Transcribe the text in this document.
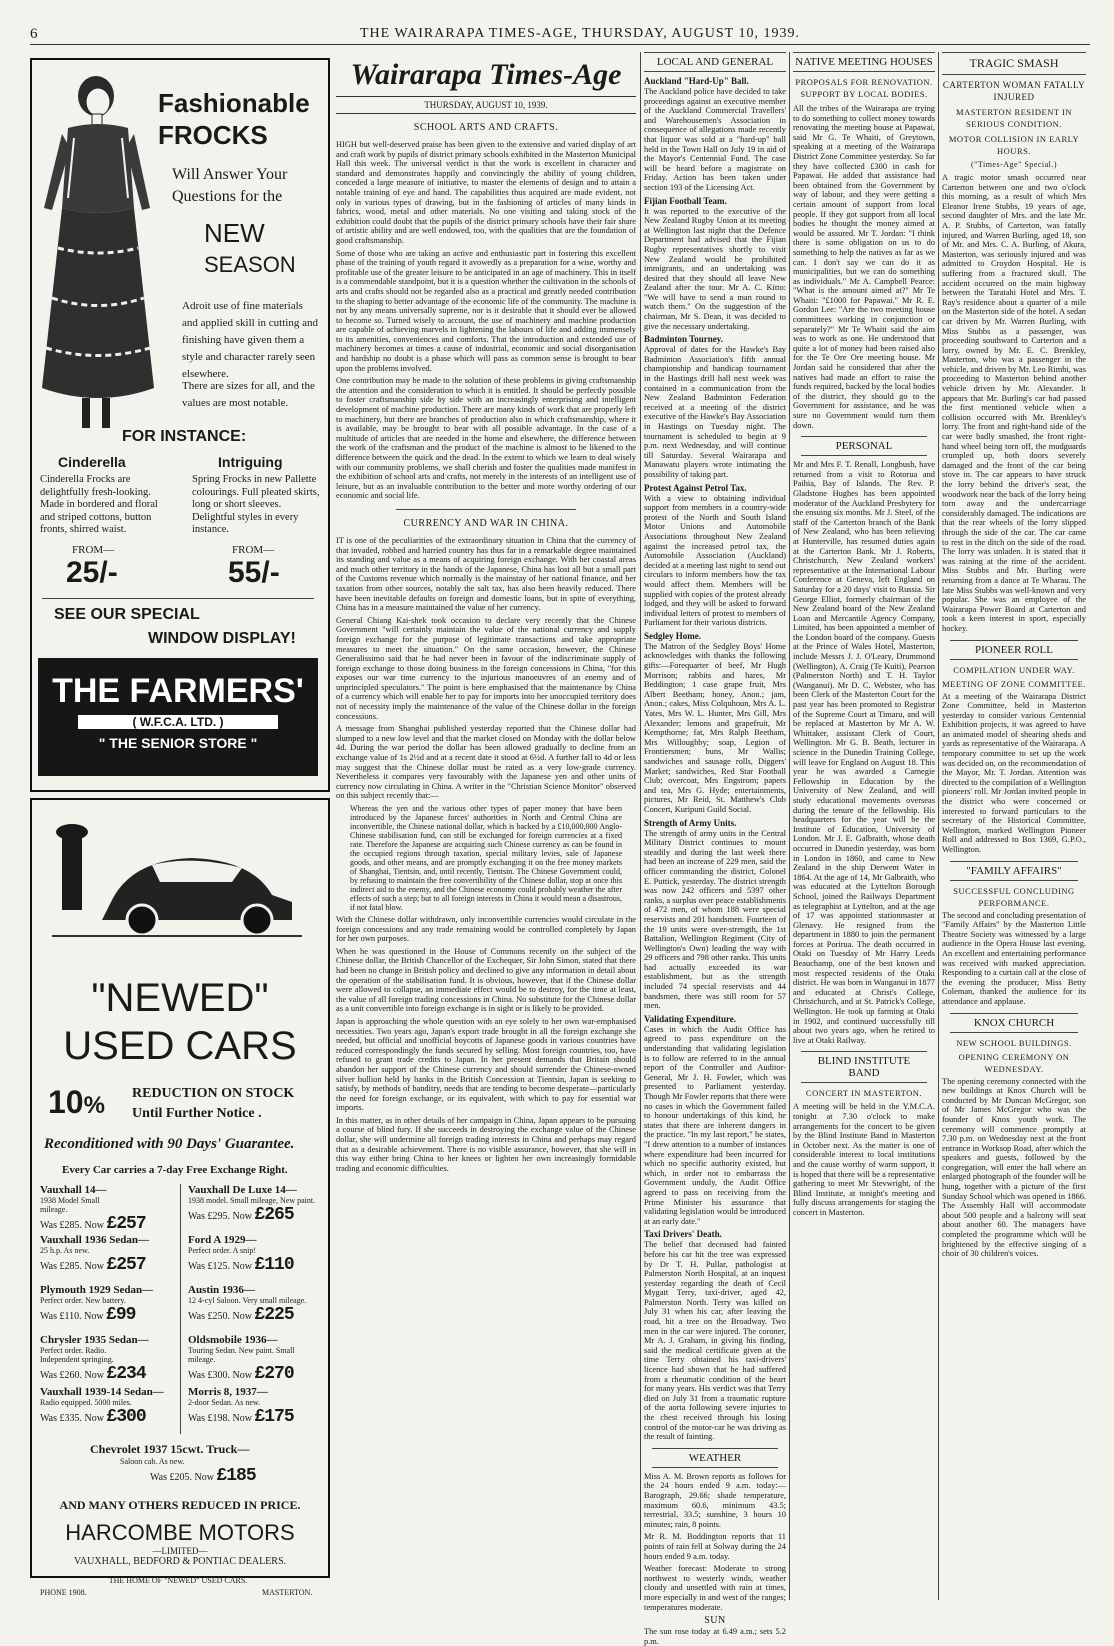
6	THE WAIRARAPA TIMES-AGE, THURSDAY, AUGUST 10, 1939.
Fashionable
FROCKS
Will Answer Your
Questions for the
NEW
SEASON
Adroit use of fine materials and applied skill in cutting and finishing have given them a style and character rarely seen elsewhere.
There are sizes for all, and the values are most notable.
FOR INSTANCE:
Cinderella
Cinderella Frocks are delightfully fresh-looking. Made in bordered and floral and striped cottons, button fronts, shirred waist.
FROM—
25/-
Intriguing
Spring Frocks in new Pallette colourings. Full pleated skirts, long or short sleeves. Delightful styles in every instance.
FROM—
55/-
SEE OUR SPECIAL
WINDOW DISPLAY!
THE FARMERS'
( W.F.C.A. LTD. )
" THE SENIOR STORE "
"NEWED"
USED CARS
10% REDUCTION ON STOCK
Until Further Notice .
Reconditioned with 90 Days' Guarantee.
Every Car carries a 7-day Free Exchange Right.
Vauxhall 14—
1938 Model Small mileage.
Was £285. Now £257
Vauxhall 1936 Sedan—
25 h.p. As new.
Was £285. Now £257
Plymouth 1929 Sedan—
Perfect order. New battery.
Was £110. Now £99
Chrysler 1935 Sedan—
Perfect order. Radio. Independent springing.
Was £260. Now £234
Vauxhall 1939-14 Sedan—
Radio equipped. 5000 miles.
Was £335. Now £300
Vauxhall De Luxe 14—
1938 model. Small mileage, New paint.
Was £295. Now £265
Ford A 1929—
Perfect order. A snip!
Was £125. Now £110
Austin 1936—
12 4-cyl Saloon. Very small mileage.
Was £250. Now £225
Oldsmobile 1936—
Touring Sedan. New paint. Small mileage.
Was £300. Now £270
Morris 8, 1937—
2-door Sedan. As new.
Was £198. Now £175
Chevrolet 1937 15cwt. Truck—
Saloon cab. As new.
Was £205. Now £185
AND MANY OTHERS REDUCED IN PRICE.
HARCOMBE MOTORS
—LIMITED—
VAUXHALL, BEDFORD & PONTIAC DEALERS.
THE HOME OF "NEWED" USED CARS.
PHONE 1908.	MASTERTON.
Wairarapa Times-Age
THURSDAY, AUGUST 10, 1939.
SCHOOL ARTS AND CRAFTS.

HIGH but well-deserved praise has been given to the extensive and varied display of art and craft work by pupils of district primary schools exhibited in the Masterton Municipal Hall this week. The universal verdict is that the work is excellent in character and standard and demonstrates happily and convincingly the ability of young children, conceded a large measure of initiative, to master the elements of design and to attain a notable training of eye and hand. The capabilities thus acquired are made evident, not only in various types of drawing, but in the fashioning of articles of many kinds in fabrics, wood, metal and other materials. No one visiting and taking stock of the exhibition could doubt that the pupils of the district primary schools have their fair share of artistic ability and are well endowed, too, with the qualities that are the foundation of good craftsmanship.

Some of those who are taking an active and enthusiastic part in fostering this excellent phase of the training of youth regard it avowedly as a preparation for a wise, worthy and profitable use of the greater leisure to be anticipated in an age of machinery. This in itself is a commendable standpoint, but it is a question whether the cultivation in the schools of arts and crafts should not be regarded also as a practical and greatly needed contribution to the shaping to better advantage of the economic life of the community. The machine is not by any means universally supreme, nor is it desirable that it should ever be allowed to become so. Turned wisely to account, the use of machinery and machine production are capable of achieving marvels in lightening the labours of life and adding immensely to its amenities, conveniences and comforts. That the introduction and extended use of machinery becomes at times a cause of industrial, economic and social disorganisation and hardship no doubt is a phase which will pass as common sense is brought to bear upon the problems involved.

One contribution may be made to the solution of these problems in giving craftsmanship the attention and the consideration to which it is entitled. It should be perfectly possible to foster craftsmanship side by side with an increasingly enterprising and intelligent development of machine production. There are many kinds of work that are properly left to machinery, but there are branches of production also in which craftsmanship, where it is available, may be brought to bear with all possible advantage. In the case of a multitude of articles that are needed in the home and elsewhere, the difference between the work of the craftsman and the product of the machine is almost to be likened to the difference between the quick and the dead. In the extent to which we learn to deal wisely with our community problems, we shall cherish and foster the qualities made manifest in the exhibition of school arts and crafts, not merely in the interests of an intelligent use of leisure, but as an invaluable contribution to the better and more worthy ordering of our economic and social life.

CURRENCY AND WAR IN CHINA.

IT is one of the peculiarities of the extraordinary situation in China that the currency of that invaded, robbed and harried country has thus far in a remarkable degree maintained its standing and value as a means of acquiring foreign exchange. With her coastal areas and much other territory in the hands of the Japanese, China has lost all but a small part of the Customs revenue which normally is the mainstay of her national finance, and her taxation from other sources, notably the salt tax, has also been heavily reduced. There have been inevitable defaults on foreign and domestic loans, but in spite of everything, China has in a measure maintained the value of her currency.

General Chiang Kai-shek took occasion to declare very recently that the Chinese Government "will certainly maintain the value of the national currency and supply foreign exchange for the purpose of legitimate transactions and take appropriate measures to meet the situation." On the same occasion, however, the Chinese Generalissimo said that he had never been in favour of the indiscriminate supply of foreign exchange to those doing business in the foreign concessions in China, "for this exposes our war time currency to the injurious manoeuvres of an enemy and of unprincipled speculators." The point is here emphasised that the maintenance by China of a currency which will enable her to pay for imports into her unoccupied territory does not of necessity imply the maintenance of the value of the Chinese dollar in the foreign concessions.

A message from Shanghai published yesterday reported that the Chinese dollar had slumped to a new low level and that the market closed on Monday with the dollar below 4d. During the war period the dollar has been allowed gradually to decline from an exchange value of 1s 2½d and at a recent date it stood at 6½d. A further fall to 4d or less may suggest that the Chinese dollar must be rated as a very low-grade currency. Nevertheless it compares very favourably with the Japanese yen and other units of currency now circulating in China. A writer in the "Christian Science Monitor" observed on this subject recently that:—

Whereas the yen and the various other types of paper money that have been introduced by the Japanese forces' authorities in North and Central China are inconvertible, the Chinese national dollar, which is backed by a £10,000,000 Anglo-Chinese stabilisation fund, can still be exchanged for foreign currencies at a fixed rate. Therefore the Japanese are acquiring such Chinese currency as can be found in the occupied regions through taxation, special military levies, sale of Japanese goods, and other means, and are promptly exchanging it on the free money markets of Shanghai, Tientsin, and, until recently, Tientsin. The Chinese Government could, by refusing to maintain the free convertibility of the Chinese dollar, stop at once this indirect aid to the enemy, and the Chinese economy could probably weather the after effects of such a step; but to all foreign interests in China it would mean a disastrous, if not fatal blow.

With the Chinese dollar withdrawn, only inconvertible currencies would circulate in the foreign concessions and any trade remaining would be controlled completely by Japan for her own purposes.

When he was questioned in the House of Commons recently on the subject of the Chinese dollar, the British Chancellor of the Exchequer, Sir John Simon, stated that there had been no change in British policy and declined to give any information in detail about the operation of the stabilisation fund. It is obvious, however, that if the Chinese dollar were allowed to collapse, an immediate effect would be to destroy, for the time at least, the value of all foreign trading concessions in China. No substitute for the Chinese dollar as a unit convertible into foreign exchange is in sight or is likely to be provided.

Japan is approaching the whole question with an eye solely to her own war-emphasised necessities. Two years ago, Japan's export trade brought in all the foreign exchange she needed, but official and unofficial boycotts of Japanese goods in various countries have reduced correspondingly the funds secured by selling. Most foreign countries, too, have refused to grant trade credits to Japan. In her present demands that Britain should abandon her support of the Chinese currency and should surrender the Chinese-owned silver bullion held by banks in the British Concession at Tientsin, Japan is seeking to satisfy, by methods of banditry, needs that are tending to become desperate—particularly the need for foreign exchange, or its equivalent, with which to pay for essential war imports.

In this matter, as in other details of her campaign in China, Japan appears to be pursuing a course of blind fury. If she succeeds in destroying the exchange value of the Chinese dollar, she will undermine all foreign trading interests in China and perhaps may regard that as a desirable achievement. There is no visible assurance, however, that she will in this way either bring China to her knees or lighten her own increasingly formidable trading and economic difficulties.

LOCAL AND GENERAL
Auckland "Hard-Up" Ball.

The Auckland police have decided to take proceedings against an executive member of the Auckland Commercial Travellers' and Warehousemen's Association in consequence of allegations made recently that liquor was sold at a "hard-up" ball held in the Town Hall on July 19 in aid of the Mayor's Centennial Fund. The case will be heard before a magistrate on Friday. Action has been taken under section 193 of the Licensing Act.

Fijian Football Team.

It was reported to the executive of the New Zealand Rugby Union at its meeting at Wellington last night that the Defence Department had advised that the Fijian Rugby representatives shortly to visit New Zealand would be prohibited immigrants, and an undertaking was desired that they should all leave New Zealand after the tour. Mr A. C. Kitto: "We will have to send a man round to watch them." On the suggestion of the chairman, Mr S. Dean, it was decided to give the necessary undertaking.

Badminton Tourney.

Approval of dates for the Hawke's Bay Badminton Association's fifth annual championship and handicap tournament in the Hastings drill hall next week was contained in a communication from the New Zealand Badminton Federation received at a meeting of the district executive of the Hawke's Bay Association in Hastings on Tuesday night. The tournament is scheduled to begin at 9 p.m. next Wednesday, and will continue till Saturday. Several Wairarapa and Manawatu players wrote intimating the possibility of taking part.

Protest Against Petrol Tax.

With a view to obtaining individual support from members in a country-wide protest of the North and South Island Motor Unions and Automobile Associations throughout New Zealand against the increased petrol tax, the Automobile Association (Auckland) decided at a meeting last night to send out circulars to inform members how the tax would affect them. Members will be supplied with copies of the protest already lodged, and they will be asked to forward individual letters of protest to members of Parliament for their various districts.

Sedgley Home.

The Matron of the Sedgley Boys' Home acknowledges with thanks the following gifts:—Forequarter of beef, Mr Hugh Morrison; rabbits and hares, Mr Beddington; 1 case grape fruit, Mrs Albert Beetham; honey, Anon.; jam, Anon.; cakes, Miss Colquhoun, Mrs A. L. Yates, Mrs W. L. Hunter, Mrs Gill, Mrs Alexander; lemons and grapefruit, Mr Kempthorne; fat, Mrs Ralph Beetham, Mrs Willoughby; soap, Legion of Frontiersmen; buns, Mr Wallis; sandwiches and sausage rolls, Diggers' Market; sandwiches, Red Star Football Club; overcoat, Mrs Engstrom; papers and tea, Mrs G. Hyde; entertainments, pictures, Mr Reid, St. Matthew's Club Concert, Kuripuni Guild Social.

Strength of Army Units.

The strength of army units in the Central Military District continues to mount steadily and during the last week there had been an increase of 229 men, said the officer commanding the district, Colonel E. Puttick, yesterday. The district strength was now 242 officers and 5397 other ranks, a surplus over peace establishments of 472 men, of whom 188 were special reservists and 201 bandsmen. Fourteen of the 19 units were over-strength, the 1st Battalion, Wellington Regiment (City of Wellington's Own) leading the way with 29 officers and 798 other ranks. This units had actually exceeded its war establishment, but as the strength included 74 special reservists and 44 bandsmen, there was still room for 57 men.

Validating Expenditure.

Cases in which the Audit Office has agreed to pass expenditure on the understanding that validating legislation is to follow are referred to in the annual report of the Controller and Auditor-General, Mr J. H. Fowler, which was presented to Parliament yesterday. Though Mr Fowler reports that there were no cases in which the Government failed to honour undertakings of this kind, he states that there are inherent dangers in the practice. "In my last report," he states, "I drew attention to a number of instances where expenditure had been incurred for which no specific authority existed, but which, in order not to embarrass the Government unduly, the Audit Office agreed to pass on receiving from the Prime Minister his assurance that validating legislation would be introduced at an early date."

Taxi Drivers' Death.

The belief that deceased had fainted before his car hit the tree was expressed by Dr T. H. Pullar, pathologist at Palmerston North Hospital, at an inquest yesterday regarding the death of Cecil Mygatt Terry, taxi-driver, aged 42, Palmerston North. Terry was killed on July 31 when his car, after leaving the road, hit a tree on the Broadway. Two men in the car were injured. The coroner, Mr A. J. Graham, in giving his finding, said the medical certificate given at the time Terry obtained his taxi-drivers' licence had shown that he had suffered from a rheumatic condition of the heart for many years. His verdict was that Terry died on July 31 from a traumatic rupture of the aorta following severe injuries to the chest received through his losing control of the motor-car he was driving as the result of fainting.

WEATHER

Miss A. M. Brown reports as follows for the 24 hours ended 9 a.m. today:—Barograph, 29.66; shade temperature, maximum 60.6, minimum 43.5; terrestrial, 33.5; sunshine, 3 hours 10 minutes; rain, 8 points.

Mr R. M. Boddington reports that 11 points of rain fell at Solway during the 24 hours ended 9 a.m. today.

Weather forecast: Moderate to strong northwest to westerly winds, weather cloudy and unsettled with rain at times, more especially in and west of the ranges; temperatures moderate.

SUN

The sun rose today at 6.49 a.m.; sets 5.2 p.m.

NATIVE MEETING HOUSES
PROPOSALS FOR RENOVATION.
SUPPORT BY LOCAL BODIES.

All the tribes of the Wairarapa are trying to do something to collect money towards renovating the meeting house at Papawai, said Mr G. Te Whaiti, of Greytown, speaking at a meeting of the Wairarapa District Zone Committee yesterday. So far they have collected £300 in cash for Papawai. He added that assistance had been obtained from the Government by way of labour, and they were getting a certain amount of support from local people. If they got support from all local bodies he thought the money aimed at would be assured. Mr T. Jordan: "I think there is some obligation on us to do something to help the natives as far as we can. I don't say we can do it as municipalities, but we can do something as individuals." Mr A. Campbell Pearce: "What is the amount aimed at?" Mr Te Whaiti: "£1000 for Papawai." Mr R. E. Gordon Lee: "Are the two meeting house committees working in conjunction or separately?" Mr Te Whaiti said the aim was to work as one. He understood that quite a lot of money had been raised also for the Te Ore Ore meeting house. Mr Jordan said he considered that after the natives had made an effort to raise the funds required, backed by the local bodies of the district, they should go to the Government for assistance, and he was sure no Government would turn them down.

PERSONAL

Mr and Mrs F. T. Renall, Longbush, have returned from a visit to Rotorua and Paihia, Bay of Islands. The Rev. P. Gladstone Hughes has been appointed moderator of the Auckland Presbytery for the ensuing six months. Mr J. Steel, of the staff of the Carterton branch of the Bank of New Zealand, who has been relieving at Hunterville, has resumed duties again at the Carterton Bank. Mr J. Roberts, Christchurch, New Zealand workers' representative at the International Labour Conference at Geneva, left England on Saturday for a 20 days' visit to Russia. Sir George Elliot, formerly chairman of the New Zealand board of the New Zealand Loan and Mercantile Agency Company, Limited, has been appointed a member of the London board of the company. Guests at the Prince of Wales Hotel, Masterton, include Messrs J. J. O'Leary, Drummond (Wellington), A. Craig (Te Kuiti), Pearson (Palmerston North) and T. H. Taylor (Wanganui). Mr D. C. Webster, who has been Clerk of the Masterton Court for the past year has been promoted to Registrar of the Supreme Court at Timaru, and will be replaced at Masterton by Mr A. W. Whittaker, assistant Clerk of Court, Wellington. Mr G. B. Beath, lecturer in science in the Dunedin Training College, will leave for England on August 18. This year he was awarded a Carnegie Fellowship in Education by the University of New Zealand, and will study educational movements overseas during the tenure of the fellowship. His headquarters for the year will be the Institute of Education, University of London. Mr J. E. Galbraith, whose death occurred in Dunedin yesterday, was born in London in 1860, and came to New Zealand in the ship Derwent Water in 1864. At the age of 14, Mr Galbraith, who was educated at the Lyttelton Borough School, joined the Railways Department as telegraphist at Lyttelton, and at the age of 17 was appointed stationmaster at Glenavy. He resigned from the department in 1880 to join the permanent forces at Porirua. The death occurred in Otaki on Tuesday of Mr Harry Leeds Beauchamp, one of the best known and most respected residents of the Otaki district. He was born in Wanganui in 1877 and educated at Christ's College, Christchurch, and at St. Patrick's College, Wellington. He took up farming at Otaki in 1902, and continued successfully till about two years ago, when he retired to live at Otaki Railway.

BLIND INSTITUTE BAND
CONCERT IN MASTERTON.

A meeting will be held in the Y.M.C.A. tonight at 7.30 o'clock to make arrangements for the concert to be given by the Blind Institute Band in Masterton in October next. As the matter is one of considerable interest to local institutions and the cause worthy of warm support, it is hoped that there will be a representative gathering to meet Mr Stevwright, of the Blind Institute, at tonight's meeting and fully discuss arrangements for staging the concert in Masterton.

TRAGIC SMASH
CARTERTON WOMAN FATALLY INJURED
MASTERTON RESIDENT IN SERIOUS CONDITION.
MOTOR COLLISION IN EARLY HOURS.
("Times-Age" Special.)

A tragic motor smash occurred near Carterton between one and two o'clock this morning, as a result of which Mrs Eleanor Irene Stubbs, 19 years of age, second daughter of Mrs. and the late Mr. A. P. Stubbs, of Carterton, was fatally injured, and Warren Burling, aged 18, son of Mr. and Mrs. C. A. Burling, of Akura, Masterton, was seriously injured and was admitted to Croydon Hospital. He is suffering from a fractured skull. The accident occurred on the main highway between the Taratahi Hotel and Mrs. T. Ray's residence about a quarter of a mile on the Masterton side of the hotel. A sedan car driven by Mr. Warren Burling, with Miss Stubbs as a passenger, was proceeding southward to Carterton and a lorry, owned by Mr. E. C. Brenkley, Masterton, who was a passenger in the vehicle, and driven by Mr. Leo Rimbi, was proceeding to Masterton behind another vehicle driven by Mr. Alexander. It appears that Mr. Burling's car had passed the first mentioned vehicle when a collision occurred with Mr. Brenkley's lorry. The front and right-hand side of the car were badly smashed, the front right-hand wheel being torn off, the mudguards crumpled up, both doors severely damaged and the front of the car being stove in. The car appears to have struck the lorry behind the driver's seat, the woodwork near the back of the lorry being torn away and the undercarriage considerably damaged. The indications are that the rear wheels of the lorry slipped through the side of the car. The car came to rest in the ditch on the side of the road. The lorry was unladen. It is stated that it was raining at the time of the accident. Miss Stubbs and Mr. Burling were returning from a dance at Te Wharau. The late Miss Stubbs was well-known and very popular. She was an employee of the Wairarapa Power Board at Carterton and took a keen interest in sport, especially hockey.

PIONEER ROLL
COMPILATION UNDER WAY.
MEETING OF ZONE COMMITTEE.

At a meeting of the Wairarapa District Zone Committee, held in Masterton yesterday to consider various Centennial Exhibition projects, it was agreed to have an animated model of shearing sheds and yards as representative of the Wairarapa. A temporary committee to set up the work was decided on, on the recommendation of the Mayor, Mr. T. Jordan. Attention was directed to the compilation of a Wellington pioneers' roll. Mr Jordan invited people in the district who were concerned or interested to forward particulars to the secretary of the Historical Committee, Wellington, marked Wellington Pioneer Roll and addressed to Box 1369, G.P.O., Wellington.

"FAMILY AFFAIRS"
SUCCESSFUL CONCLUDING PERFORMANCE.

The second and concluding presentation of "Family Affairs" by the Masterton Little Theatre Society was witnessed by a large audience in the Opera House last evening. An excellent and entertaining performance was received with marked appreciation. Responding to a curtain call at the close of the evening the producer, Miss Betty Coleman, thanked the audience for its attendance and applause.

KNOX CHURCH
NEW SCHOOL BUILDINGS.
OPENING CEREMONY ON WEDNESDAY.

The opening ceremony connected with the new buildings at Knox Church will be conducted by Mr Duncan McGregor, son of Mr James McGregor who was the founder of Knox youth work. The ceremony will commence promptly at 7.30 p.m. on Wednesday next at the front entrance in Worksop Road, after which the speakers and guests, followed by the congregation, will enter the hall where an enlarged photograph of the founder will be hung, together with a picture of the first Sunday School which was opened in 1866. The Assembly Hall will accommodate about 500 people and a balcony will seat about another 60. The managers have completed the programme which will be brightened by the effective singing of a choir of 30 children's voices.
